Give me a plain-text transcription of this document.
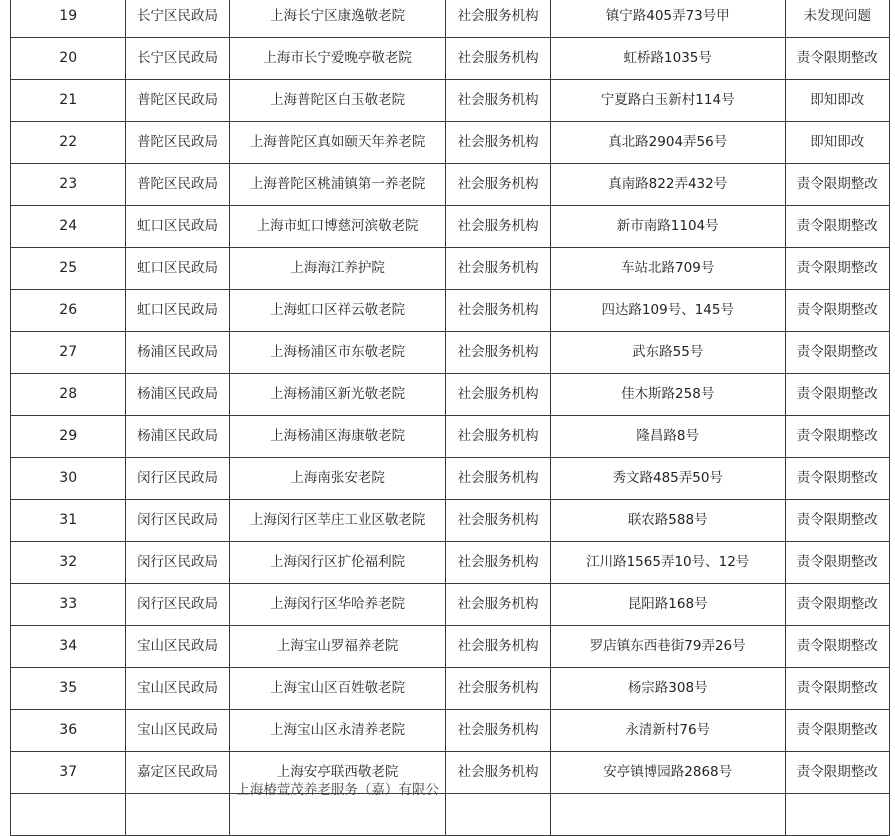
19	长宁区民政局	上海长宁区康逸敬老院	社会服务机构	镇宁路405弄73号甲	未发现问题
20	长宁区民政局	上海市长宁爱晚亭敬老院	社会服务机构	虹桥路1035号	责令限期整改
21	普陀区民政局	上海普陀区白玉敬老院	社会服务机构	宁夏路白玉新村114号	即知即改
22	普陀区民政局	上海普陀区真如颐天年养老院	社会服务机构	真北路2904弄56号	即知即改
23	普陀区民政局	上海普陀区桃浦镇第一养老院	社会服务机构	真南路822弄432号	责令限期整改
24	虹口区民政局	上海市虹口博慈河滨敬老院	社会服务机构	新市南路1104号	责令限期整改
25	虹口区民政局	上海海江养护院	社会服务机构	车站北路709号	责令限期整改
26	虹口区民政局	上海虹口区祥云敬老院	社会服务机构	四达路109号、145号	责令限期整改
27	杨浦区民政局	上海杨浦区市东敬老院	社会服务机构	武东路55号	责令限期整改
28	杨浦区民政局	上海杨浦区新光敬老院	社会服务机构	佳木斯路258号	责令限期整改
29	杨浦区民政局	上海杨浦区海康敬老院	社会服务机构	隆昌路8号	责令限期整改
30	闵行区民政局	上海南张安老院	社会服务机构	秀文路485弄50号	责令限期整改
31	闵行区民政局	上海闵行区莘庄工业区敬老院	社会服务机构	联农路588号	责令限期整改
32	闵行区民政局	上海闵行区扩伦福利院	社会服务机构	江川路1565弄10号、12号	责令限期整改
33	闵行区民政局	上海闵行区华哈养老院	社会服务机构	昆阳路168号	责令限期整改
34	宝山区民政局	上海宝山罗福养老院	社会服务机构	罗店镇东西巷街79弄26号	责令限期整改
35	宝山区民政局	上海宝山区百姓敬老院	社会服务机构	杨宗路308号	责令限期整改
36	宝山区民政局	上海宝山区永清养老院	社会服务机构	永清新村76号	责令限期整改
37	嘉定区民政局	上海安亭联西敬老院	社会服务机构	安亭镇博园路2868号	责令限期整改

		上海椿萱茂养老服务（嘉）有限公			
